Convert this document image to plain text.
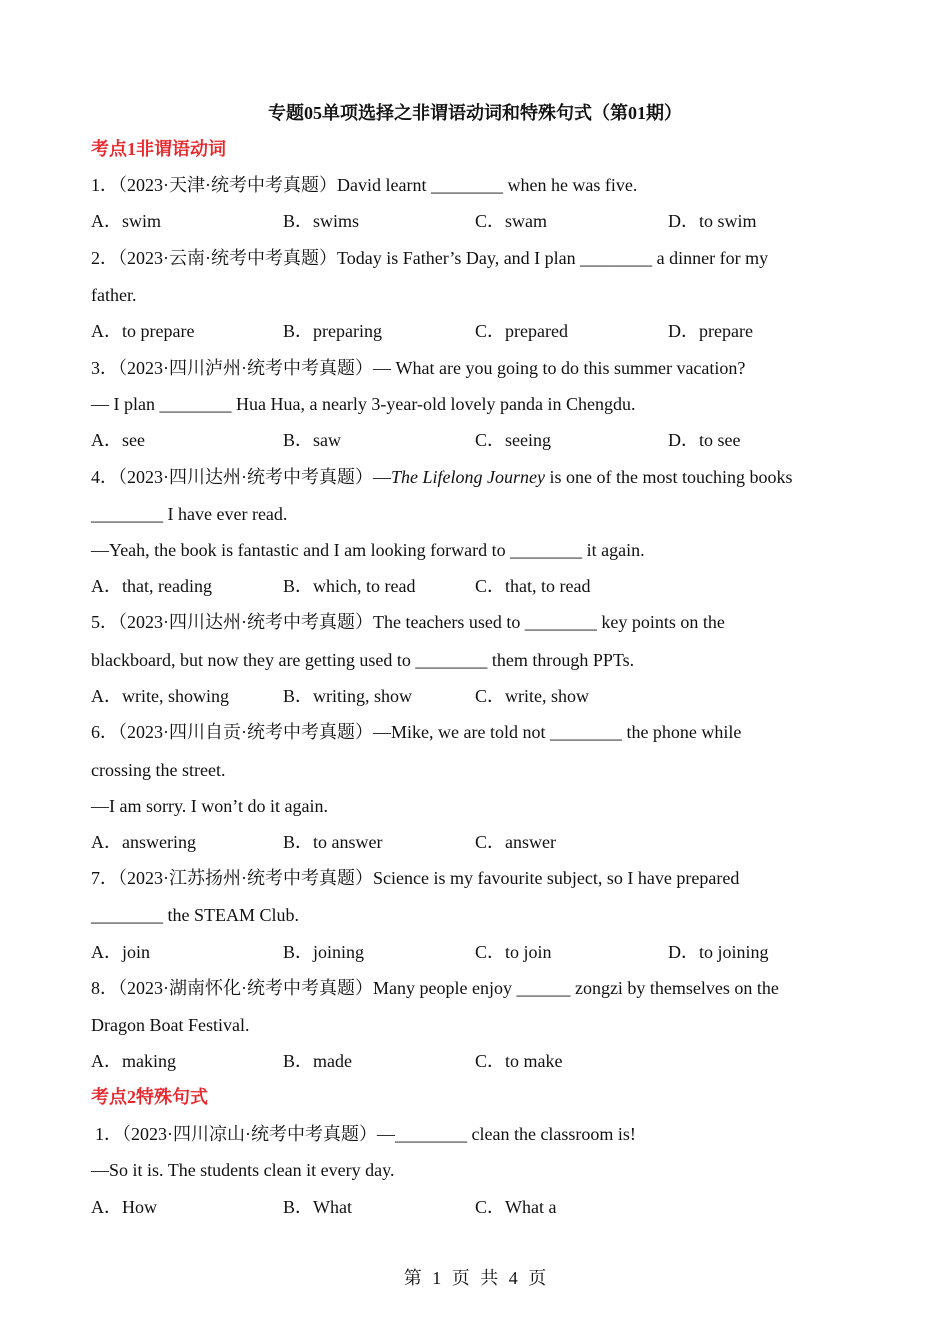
专题05单项选择之非谓语动词和特殊句式（第01期）
考点1非谓语动词
1．（2023·天津·统考中考真题）David learnt ________ when he was five.
A．swim	B．swims	C．swam	D．to swim
2．（2023·云南·统考中考真题）Today is Father’s Day, and I plan ________ a dinner for my
father.
A．to prepare	B．preparing	C．prepared	D．prepare
3．（2023·四川泸州·统考中考真题）— What are you going to do this summer vacation?
— I plan ________ Hua Hua, a nearly 3-year-old lovely panda in Chengdu.
A．see	B．saw	C．seeing	D．to see
4．（2023·四川达州·统考中考真题）—The Lifelong Journey is one of the most touching books
________ I have ever read.
—Yeah, the book is fantastic and I am looking forward to ________ it again.
A．that, reading	B．which, to read	C．that, to read
5．（2023·四川达州·统考中考真题）The teachers used to ________ key points on the
blackboard, but now they are getting used to ________ them through PPTs.
A．write, showing	B．writing, show	C．write, show
6．（2023·四川自贡·统考中考真题）—Mike, we are told not ________ the phone while
crossing the street.
—I am sorry. I won’t do it again.
A．answering	B．to answer	C．answer
7．（2023·江苏扬州·统考中考真题）Science is my favourite subject, so I have prepared
________ the STEAM Club.
A．join	B．joining	C．to join	D．to joining
8．（2023·湖南怀化·统考中考真题）Many people enjoy ______ zongzi by themselves on the
Dragon Boat Festival.
A．making	B．made	C．to make
考点2特殊句式
1．（2023·四川凉山·统考中考真题）—________ clean the classroom is!
—So it is. The students clean it every day.
A．How	B．What	C．What a
第 1 页 共 4 页
